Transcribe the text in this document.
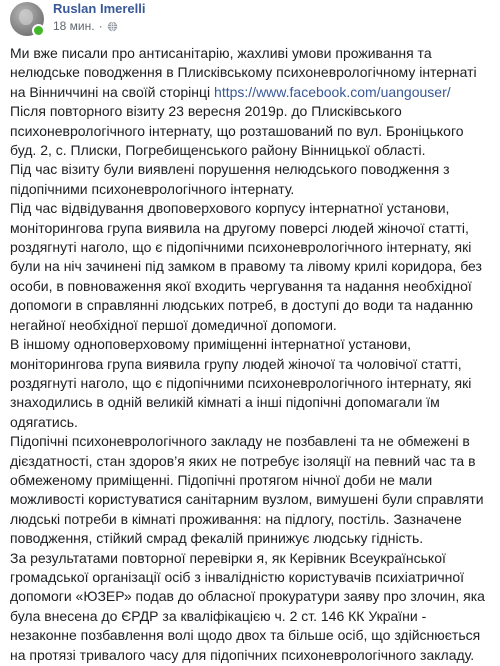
Ruslan Imerelli
18 мин. ·

Ми вже писали про антисанітарію, жахливі умови проживання та нелюдське поводження в Плисківському психоневрологічному інтернаті на Вінниччині на своїй сторінці https://www.facebook.com/uangouser/

Після повторного візиту 23 вересня 2019р. до Плисківського психоневрологічного інтернату, що розташований по вул. Броніцького буд. 2, с. Плиски, Погребищенського району Вінницької області.

Під час візиту були виявлені порушення нелюдського поводження з підопічними психоневрологічного інтернату.

Під час відвідування двоповерхового корпусу інтернатної установи, моніторингова група виявила на другому поверсі людей жіночої статті, роздягнуті наголо, що є підопічними психоневрологічного інтернату, які були на ніч зачинені під замком в правому та лівому крилі коридора, без особи, в повноваження якої входить чергування та надання необхідної допомоги в справлянні людських потреб, в доступі до води та наданню негайної необхідної першої домедичної допомоги.

В іншому одноповерховому приміщенні інтернатної установи, моніторингова група виявила групу людей жіночої та чоловічої статті, роздягнуті наголо, що є підопічними психоневрологічного інтернату, які знаходились в одній великій кімнаті а інші підопічні допомагали їм одягатись.

Підопічні психоневрологічного закладу не позбавлені та не обмежені в дієздатності, стан здоров’я яких не потребує ізоляції на певний час та в обмеженому приміщенні. Підопічні протягом нічної доби не мали можливості користуватися санітарним вузлом, вимушені були справляти людські потреби в кімнаті проживання: на підлогу, постіль. Зазначене поводження, стійкий смрад фекалій принижує людську гідність.

За результатами повторної перевірки я, як Керівник Всеукраїнської громадської організації осіб з інвалідністю користувачів психіатричної допомоги «ЮЗЕР» подав до обласної прокуратури заяву про злочин, яка була внесена до ЄРДР за кваліфікацією ч. 2 ст. 146 КК України - незаконне позбавлення волі щодо двох та більше осіб, що здійснюється на протязі тривалого часу для підопічних психоневрологічного закладу.
